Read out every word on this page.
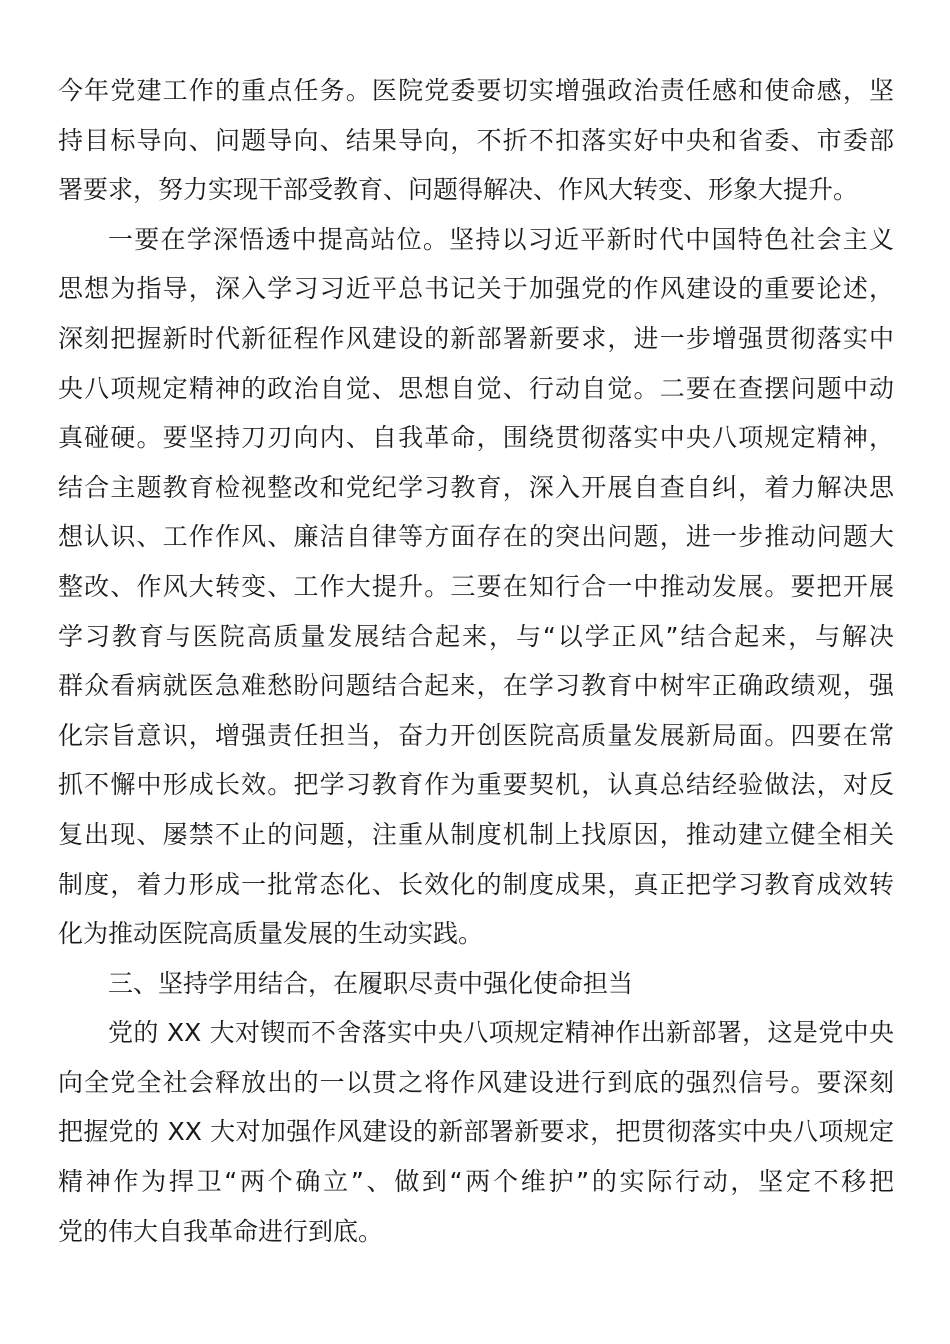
今年党建工作的重点任务。医院党委要切实增强政治责任感和使命感，坚
持目标导向、问题导向、结果导向，不折不扣落实好中央和省委、市委部
署要求，努力实现干部受教育、问题得解决、作风大转变、形象大提升。
一要在学深悟透中提高站位。坚持以习近平新时代中国特色社会主义
思想为指导，深入学习习近平总书记关于加强党的作风建设的重要论述，
深刻把握新时代新征程作风建设的新部署新要求，进一步增强贯彻落实中
央八项规定精神的政治自觉、思想自觉、行动自觉。二要在查摆问题中动
真碰硬。要坚持刀刃向内、自我革命，围绕贯彻落实中央八项规定精神，
结合主题教育检视整改和党纪学习教育，深入开展自查自纠，着力解决思
想认识、工作作风、廉洁自律等方面存在的突出问题，进一步推动问题大
整改、作风大转变、工作大提升。三要在知行合一中推动发展。要把开展
学习教育与医院高质量发展结合起来，与“以学正风”结合起来，与解决
群众看病就医急难愁盼问题结合起来，在学习教育中树牢正确政绩观，强
化宗旨意识，增强责任担当，奋力开创医院高质量发展新局面。四要在常
抓不懈中形成长效。把学习教育作为重要契机，认真总结经验做法，对反
复出现、屡禁不止的问题，注重从制度机制上找原因，推动建立健全相关
制度，着力形成一批常态化、长效化的制度成果，真正把学习教育成效转
化为推动医院高质量发展的生动实践。
三、坚持学用结合，在履职尽责中强化使命担当
党的 XX 大对锲而不舍落实中央八项规定精神作出新部署，这是党中央
向全党全社会释放出的一以贯之将作风建设进行到底的强烈信号。要深刻
把握党的 XX 大对加强作风建设的新部署新要求，把贯彻落实中央八项规定
精神作为捍卫“两个确立”、做到“两个维护”的实际行动，坚定不移把
党的伟大自我革命进行到底。
